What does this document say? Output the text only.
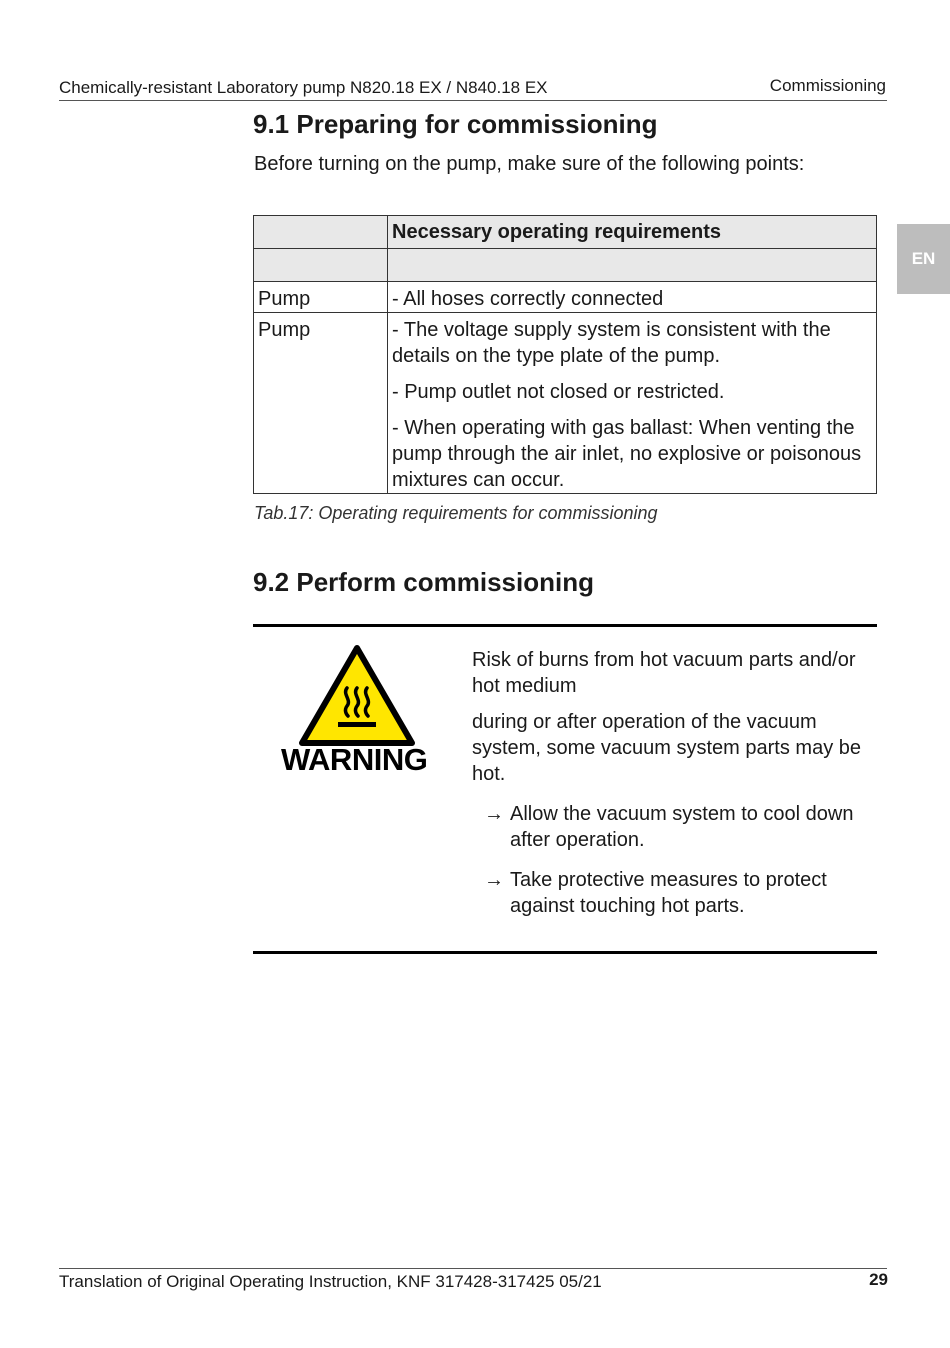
Chemically-resistant Laboratory pump N820.18 EX / N840.18 EX	Commissioning
EN
9.1 Preparing for commissioning
Before turning on the pump, make sure of the following points:
	Necessary operating requirements

Pump	- All hoses correctly connected

Pump	- The voltage supply system is consistent with the details on the type plate of the pump.
- Pump outlet not closed or restricted.
- When operating with gas ballast: When venting the pump through the air inlet, no explosive or poisonous mixtures can occur.
Tab.17: Operating requirements for commissioning
9.2 Perform commissioning
WARNING

Risk of burns from hot vacuum parts and/or hot medium

during or after operation of the vacuum system, some vacuum system parts may be hot.

→ Allow the vacuum system to cool down after operation.
→ Take protective measures to protect against touching hot parts.
Translation of Original Operating Instruction, KNF 317428-317425 05/21	29
